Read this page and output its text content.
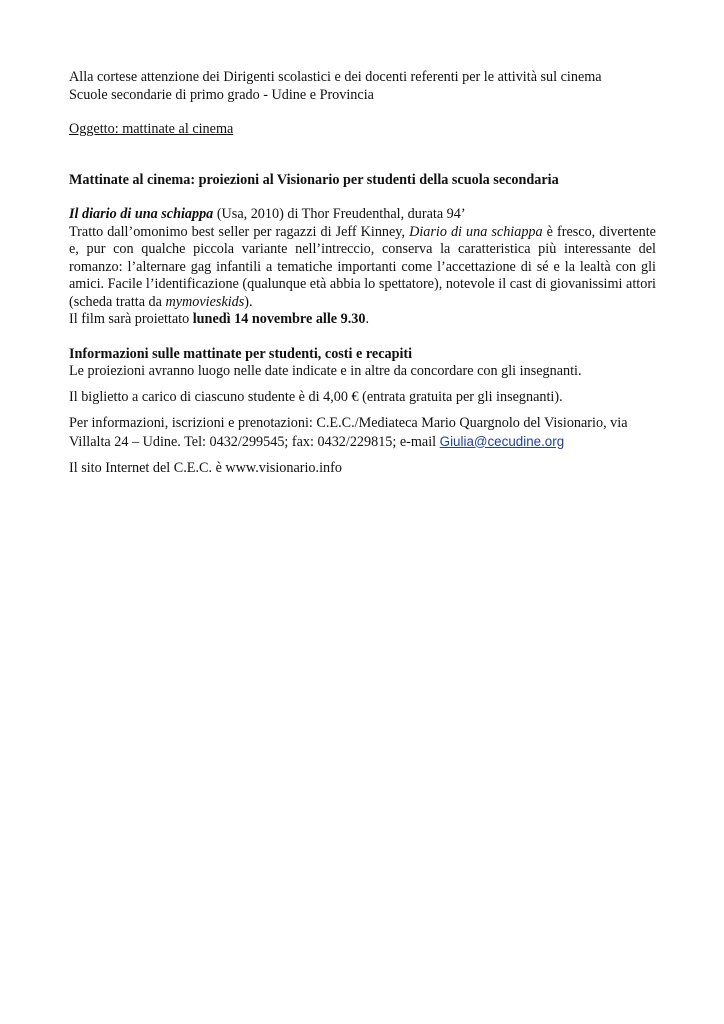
Alla cortese attenzione dei Dirigenti scolastici e dei docenti referenti per le attività sul cinema

Scuole secondarie di primo grado - Udine e Provincia

Oggetto: mattinate al cinema

Mattinate al cinema: proiezioni al Visionario per studenti della scuola secondaria

Il diario di una schiappa (Usa, 2010) di Thor Freudenthal, durata 94’

Tratto dall’omonimo best seller per ragazzi di Jeff Kinney, Diario di una schiappa è fresco, divertente e, pur con qualche piccola variante nell’intreccio, conserva la caratteristica più interessante del romanzo: l’alternare gag infantili a tematiche importanti come l’accettazione di sé e la lealtà con gli amici. Facile l’identificazione (qualunque età abbia lo spettatore), notevole il cast di giovanissimi attori (scheda tratta da mymovieskids).

Il film sarà proiettato lunedì 14 novembre alle 9.30.

Informazioni sulle mattinate per studenti, costi e recapiti

Le proiezioni avranno luogo nelle date indicate e in altre da concordare con gli insegnanti.

Il biglietto a carico di ciascuno studente è di 4,00 € (entrata gratuita per gli insegnanti).

Per informazioni, iscrizioni e prenotazioni: C.E.C./Mediateca Mario Quargnolo del Visionario, via Villalta 24 – Udine. Tel: 0432/299545; fax: 0432/229815; e-mail Giulia@cecudine.org

Il sito Internet del C.E.C. è www.visionario.info
